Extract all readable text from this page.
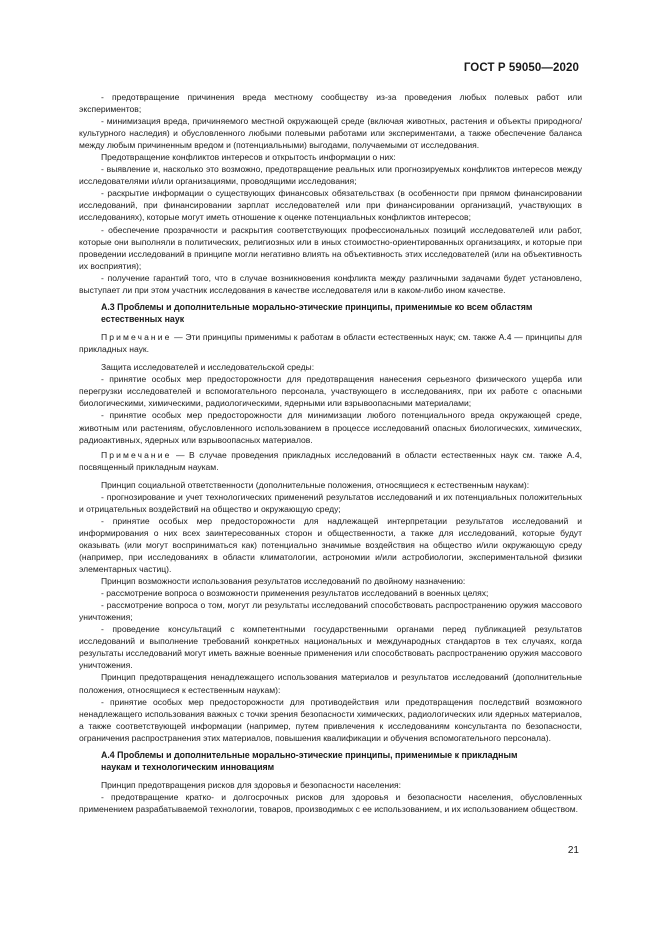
ГОСТ Р 59050—2020

- предотвращение причинения вреда местному сообществу из-за проведения любых полевых работ или экспериментов;

- минимизация вреда, причиняемого местной окружающей среде (включая животных, растения и объекты природного/культурного наследия) и обусловленного любыми полевыми работами или экспериментами, а также обеспечение баланса между любым причиненным вредом и (потенциальными) выгодами, получаемыми от исследования.

Предотвращение конфликтов интересов и открытость информации о них:

- выявление и, насколько это возможно, предотвращение реальных или прогнозируемых конфликтов интересов между исследователями и/или организациями, проводящими исследования;

- раскрытие информации о существующих финансовых обязательствах (в особенности при прямом финансировании исследований, при финансировании зарплат исследователей или при финансировании организаций, участвующих в исследованиях), которые могут иметь отношение к оценке потенциальных конфликтов интересов;

- обеспечение прозрачности и раскрытия соответствующих профессиональных позиций исследователей или работ, которые они выполняли в политических, религиозных или в иных стоимостно-ориентированных организациях, и которые при проведении исследований в принципе могли негативно влиять на объективность этих исследователей (или на объективность их восприятия);

- получение гарантий того, что в случае возникновения конфликта между различными задачами будет установлено, выступает ли при этом участник исследования в качестве исследователя или в каком-либо ином качестве.

А.3 Проблемы и дополнительные морально-этические принципы, применимые ко всем областям
естественных наук

Примечание — Эти принципы применимы к работам в области естественных наук; см. также А.4 — принципы для прикладных наук.

Защита исследователей и исследовательской среды:

- принятие особых мер предосторожности для предотвращения нанесения серьезного физического ущерба или перегрузки исследователей и вспомогательного персонала, участвующего в исследованиях, при их работе с опасными биологическими, химическими, радиологическими, ядерными или взрывоопасными материалами;

- принятие особых мер предосторожности для минимизации любого потенциального вреда окружающей среде, животным или растениям, обусловленного использованием в процессе исследований опасных биологических, химических, радиоактивных, ядерных или взрывоопасных материалов.

Примечание — В случае проведения прикладных исследований в области естественных наук см. также А.4, посвященный прикладным наукам.

Принцип социальной ответственности (дополнительные положения, относящиеся к естественным наукам):

- прогнозирование и учет технологических применений результатов исследований и их потенциальных положительных и отрицательных воздействий на общество и окружающую среду;

- принятие особых мер предосторожности для надлежащей интерпретации результатов исследований и информирования о них всех заинтересованных сторон и общественности, а также для исследований, которые будут оказывать (или могут восприниматься как) потенциально значимые воздействия на общество и/или окружающую среду (например, при исследованиях в области климатологии, астрономии и/или астробиологии, экспериментальной физики элементарных частиц).

Принцип возможности использования результатов исследований по двойному назначению:

- рассмотрение вопроса о возможности применения результатов исследований в военных целях;

- рассмотрение вопроса о том, могут ли результаты исследований способствовать распространению оружия массового уничтожения;

- проведение консультаций с компетентными государственными органами перед публикацией результатов исследований и выполнение требований конкретных национальных и международных стандартов в тех случаях, когда результаты исследований могут иметь важные военные применения или способствовать распространению оружия массового уничтожения.

Принцип предотвращения ненадлежащего использования материалов и результатов исследований (дополнительные положения, относящиеся к естественным наукам):

- принятие особых мер предосторожности для противодействия или предотвращения последствий возможного ненадлежащего использования важных с точки зрения безопасности химических, радиологических или ядерных материалов, а также соответствующей информации (например, путем привлечения к исследованиям консультанта по безопасности, ограничения распространения этих материалов, повышения квалификации и обучения вспомогательного персонала).

А.4 Проблемы и дополнительные морально-этические принципы, применимые к прикладным
наукам и технологическим инновациям

Принцип предотвращения рисков для здоровья и безопасности населения:

- предотвращение кратко- и долгосрочных рисков для здоровья и безопасности населения, обусловленных применением разрабатываемой технологии, товаров, производимых с ее использованием, и их использованием обществом.

21
